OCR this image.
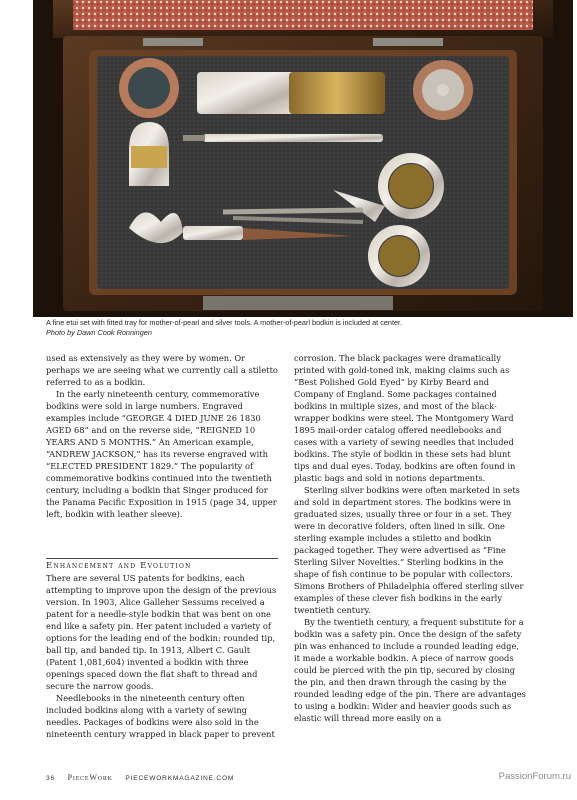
A fine etui set with fitted tray for mother-of-pearl and silver tools. A mother-of-pearl bodkin is included at center.
Photo by Dawn Cook Ronningen

used as extensively as they were by women. Or perhaps we are seeing what we currently call a stiletto referred to as a bodkin.

In the early nineteenth century, commemorative bodkins were sold in large numbers. Engraved examples include “GEORGE 4 DIED JUNE 26 1830 AGED 68” and on the reverse side, “REIGNED 10 YEARS AND 5 MONTHS.” An American example, “ANDREW JACKSON,” has its reverse engraved with “ELECTED PRESIDENT 1829.” The popularity of commemorative bodkins continued into the twentieth century, including a bodkin that Singer produced for the Panama Pacific Exposition in 1915 (page 34, upper left, bodkin with leather sleeve).

Enhancement and Evolution

There are several US patents for bodkins, each attempting to improve upon the design of the previous version. In 1903, Alice Galleher Sessums received a patent for a needle-style bodkin that was bent on one end like a safety pin. Her patent included a variety of options for the leading end of the bodkin: rounded tip, ball tip, and banded tip. In 1913, Albert C. Gault (Patent 1,081,604) invented a bodkin with three openings spaced down the flat shaft to thread and secure the narrow goods.

Needlebooks in the nineteenth century often included bodkins along with a variety of sewing needles. Packages of bodkins were also sold in the nineteenth century wrapped in black paper to prevent

corrosion. The black packages were dramatically printed with gold-toned ink, making claims such as “Best Polished Gold Eyed” by Kirby Beard and Company of England. Some packages contained bodkins in multiple sizes, and most of the black-wrapper bodkins were steel. The Montgomery Ward 1895 mail-order catalog offered needlebooks and cases with a variety of sewing needles that included bodkins. The style of bodkin in these sets had blunt tips and dual eyes. Today, bodkins are often found in plastic bags and sold in notions departments.

Sterling silver bodkins were often marketed in sets and sold in department stores. The bodkins were in graduated sizes, usually three or four in a set. They were in decorative folders, often lined in silk. One sterling example includes a stiletto and bodkin packaged together. They were advertised as “Fine Sterling Silver Novelties.” Sterling bodkins in the shape of fish continue to be popular with collectors. Simons Brothers of Philadelphia offered sterling silver examples of these clever fish bodkins in the early twentieth century.

By the twentieth century, a frequent substitute for a bodkin was a safety pin. Once the design of the safety pin was enhanced to include a rounded leading edge, it made a workable bodkin. A piece of narrow goods could be pierced with the pin tip, secured by closing the pin, and then drawn through the casing by the rounded leading edge of the pin. There are advantages to using a bodkin: Wider and heavier goods such as elastic will thread more easily on a

36 PieceWork PIECEWORKMAGAZINE.COM	PassionForum.ru
